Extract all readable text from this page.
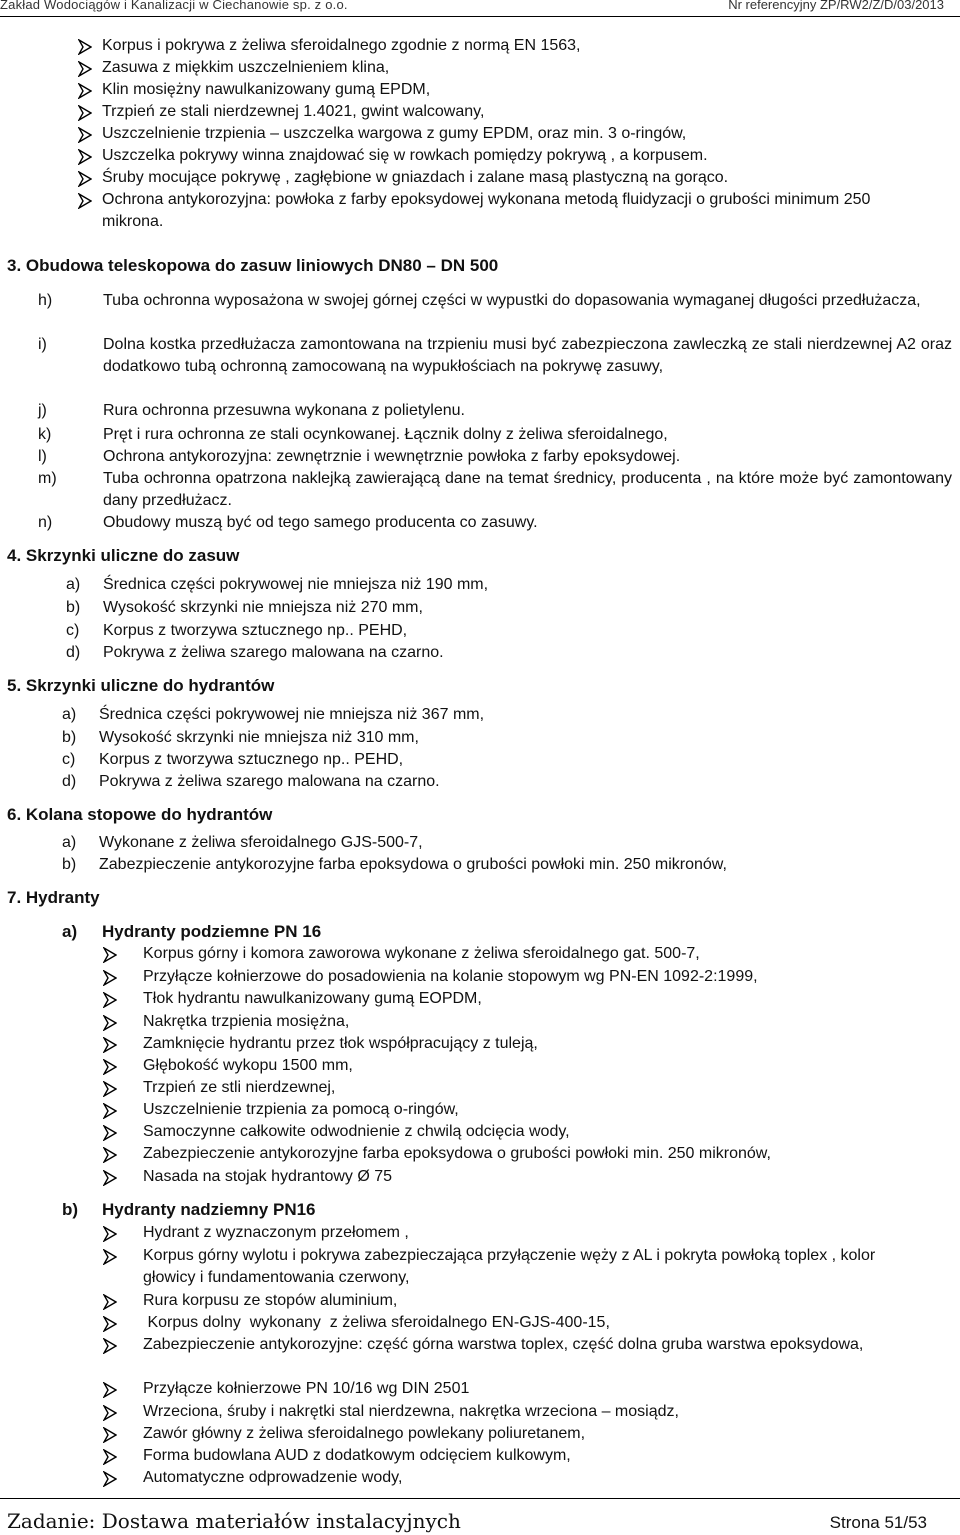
Zakład Wodociągów i Kanalizacji w Ciechanowie sp. z o.o.	Nr referencyjny ZP/RW2/Z/D/03/2013
Korpus i pokrywa z żeliwa sferoidalnego zgodnie z normą EN 1563,
Zasuwa z miękkim uszczelnieniem klina,
Klin mosiężny nawulkanizowany gumą EPDM,
Trzpień ze stali nierdzewnej 1.4021, gwint walcowany,
Uszczelnienie trzpienia – uszczelka wargowa z gumy EPDM, oraz min. 3 o-ringów,
Uszczelka pokrywy winna znajdować się w rowkach pomiędzy pokrywą , a korpusem.
Śruby mocujące pokrywę , zagłębione w gniazdach i zalane masą plastyczną na gorąco.
Ochrona antykorozyjna: powłoka z farby epoksydowej wykonana metodą fluidyzacji o grubości minimum 250 mikrona.
3. Obudowa teleskopowa do zasuw liniowych DN80 – DN 500
h)	Tuba ochronna wyposażona w swojej górnej części w wypustki do dopasowania wymaganej długości przedłużacza,
i)	Dolna kostka przedłużacza zamontowana na trzpieniu musi być zabezpieczona zawleczką ze stali nierdzewnej A2 oraz dodatkowo tubą ochronną zamocowaną na wypukłościach na pokrywę zasuwy,
j)	Rura ochronna przesuwna wykonana z polietylenu.
k)	Pręt i rura ochronna ze stali ocynkowanej. Łącznik dolny z żeliwa sferoidalnego,
l)	Ochrona antykorozyjna: zewnętrznie i wewnętrznie powłoka z farby epoksydowej.
m)	Tuba ochronna opatrzona naklejką zawierającą dane na temat średnicy, producenta , na które może być zamontowany dany przedłużacz.
n)	Obudowy muszą być od tego samego producenta co zasuwy.
4. Skrzynki uliczne do zasuw
a) Średnica części pokrywowej nie mniejsza niż 190 mm,
b) Wysokość skrzynki nie mniejsza niż 270 mm,
c) Korpus z tworzywa sztucznego np.. PEHD,
d) Pokrywa z żeliwa szarego malowana na czarno.
5. Skrzynki uliczne do hydrantów
a) Średnica części pokrywowej nie mniejsza niż 367 mm,
b) Wysokość skrzynki nie mniejsza niż 310 mm,
c) Korpus z tworzywa sztucznego np.. PEHD,
d) Pokrywa z żeliwa szarego malowana na czarno.
6. Kolana stopowe do hydrantów
a) Wykonane z żeliwa sferoidalnego GJS-500-7,
b) Zabezpieczenie antykorozyjne farba epoksydowa o grubości powłoki min. 250 mikronów,
7. Hydranty
a) Hydranty podziemne PN 16
Korpus górny i komora zaworowa wykonane z żeliwa sferoidalnego gat. 500-7,
Przyłącze kołnierzowe do posadowienia na kolanie stopowym wg PN-EN 1092-2:1999,
Tłok hydrantu nawulkanizowany gumą EOPDM,
Nakrętka trzpienia mosiężna,
Zamknięcie hydrantu przez tłok współpracujący z tuleją,
Głębokość wykopu 1500 mm,
Trzpień ze stli nierdzewnej,
Uszczelnienie trzpienia za pomocą o-ringów,
Samoczynne całkowite odwodnienie z chwilą odcięcia wody,
Zabezpieczenie antykorozyjne farba epoksydowa o grubości powłoki min. 250 mikronów,
Nasada na stojak hydrantowy Ø 75
b) Hydranty nadziemny PN16
Hydrant z wyznaczonym przełomem ,
Korpus górny wylotu i pokrywa zabezpieczająca przyłączenie węży z AL i pokryta powłoką toplex , kolor głowicy i fundamentowania czerwony,
Rura korpusu ze stopów aluminium,
Korpus dolny  wykonany  z żeliwa sferoidalnego EN-GJS-400-15,
Zabezpieczenie antykorozyjne: część górna warstwa toplex, część dolna gruba warstwa epoksydowa,
Przyłącze kołnierzowe PN 10/16 wg DIN 2501
Wrzeciona, śruby i nakrętki stal nierdzewna, nakrętka wrzeciona – mosiądz,
Zawór główny z żeliwa sferoidalnego powlekany poliuretanem,
Forma budowlana AUD z dodatkowym odcięciem kulkowym,
Automatyczne odprowadzenie wody,
Zadanie: Dostawa materiałów instalacyjnych	Strona 51/53
